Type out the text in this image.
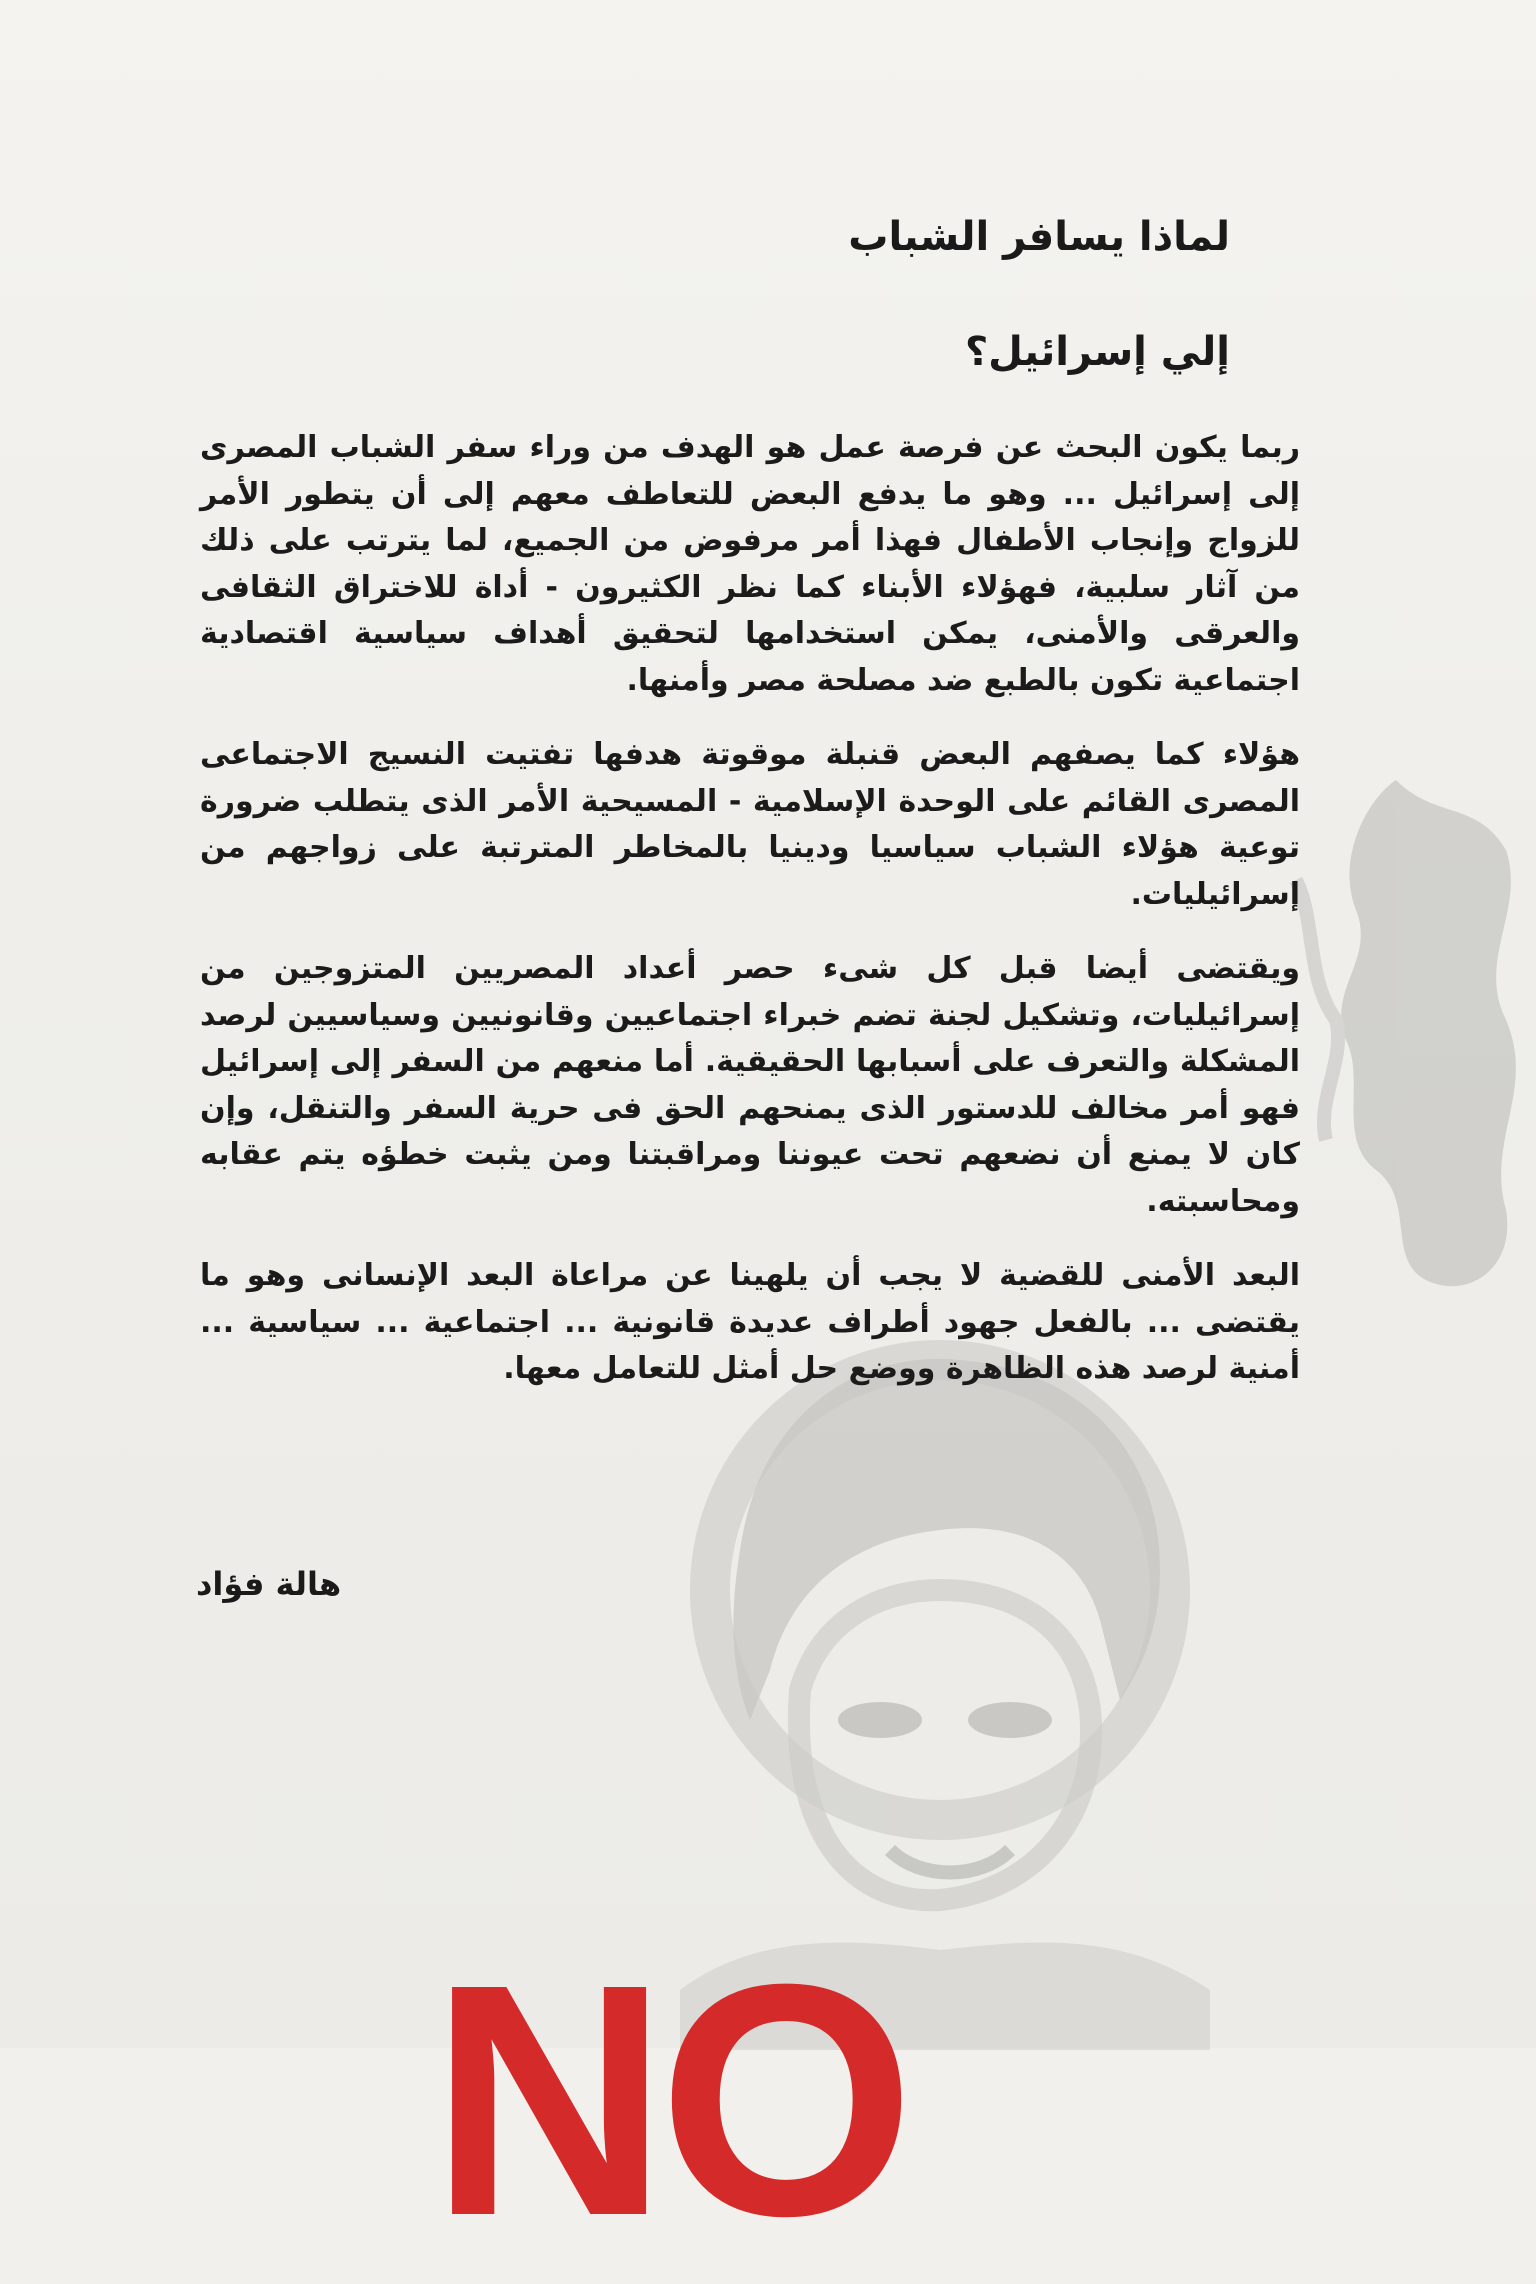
لماذا يسافر الشباب
إلي إسرائيل؟

ربما يكون البحث عن فرصة عمل هو الهدف من وراء سفر الشباب المصرى إلى إسرائيل ... وهو ما يدفع البعض للتعاطف معهم إلى أن يتطور الأمر للزواج وإنجاب الأطفال فهذا أمر مرفوض من الجميع، لما يترتب على ذلك من آثار سلبية، فهؤلاء الأبناء كما نظر الكثيرون - أداة للاختراق الثقافى والعرقى والأمنى، يمكن استخدامها لتحقيق أهداف سياسية اقتصادية اجتماعية تكون بالطبع ضد مصلحة مصر وأمنها.

هؤلاء كما يصفهم البعض قنبلة موقوتة هدفها تفتيت النسيج الاجتماعى المصرى القائم على الوحدة الإسلامية - المسيحية الأمر الذى يتطلب ضرورة توعية هؤلاء الشباب سياسيا ودينيا بالمخاطر المترتبة على زواجهم من إسرائيليات.

ويقتضى أيضا قبل كل شىء حصر أعداد المصريين المتزوجين من إسرائيليات، وتشكيل لجنة تضم خبراء اجتماعيين وقانونيين وسياسيين لرصد المشكلة والتعرف على أسبابها الحقيقية. أما منعهم من السفر إلى إسرائيل فهو أمر مخالف للدستور الذى يمنحهم الحق فى حرية السفر والتنقل، وإن كان لا يمنع أن نضعهم تحت عيوننا ومراقبتنا ومن يثبت خطؤه يتم عقابه ومحاسبته.

البعد الأمنى للقضية لا يجب أن يلهينا عن مراعاة البعد الإنسانى وهو ما يقتضى ... بالفعل جهود أطراف عديدة قانونية ... اجتماعية ... سياسية ... أمنية لرصد هذه الظاهرة ووضع حل أمثل للتعامل معها.

هالة فؤاد
NO
